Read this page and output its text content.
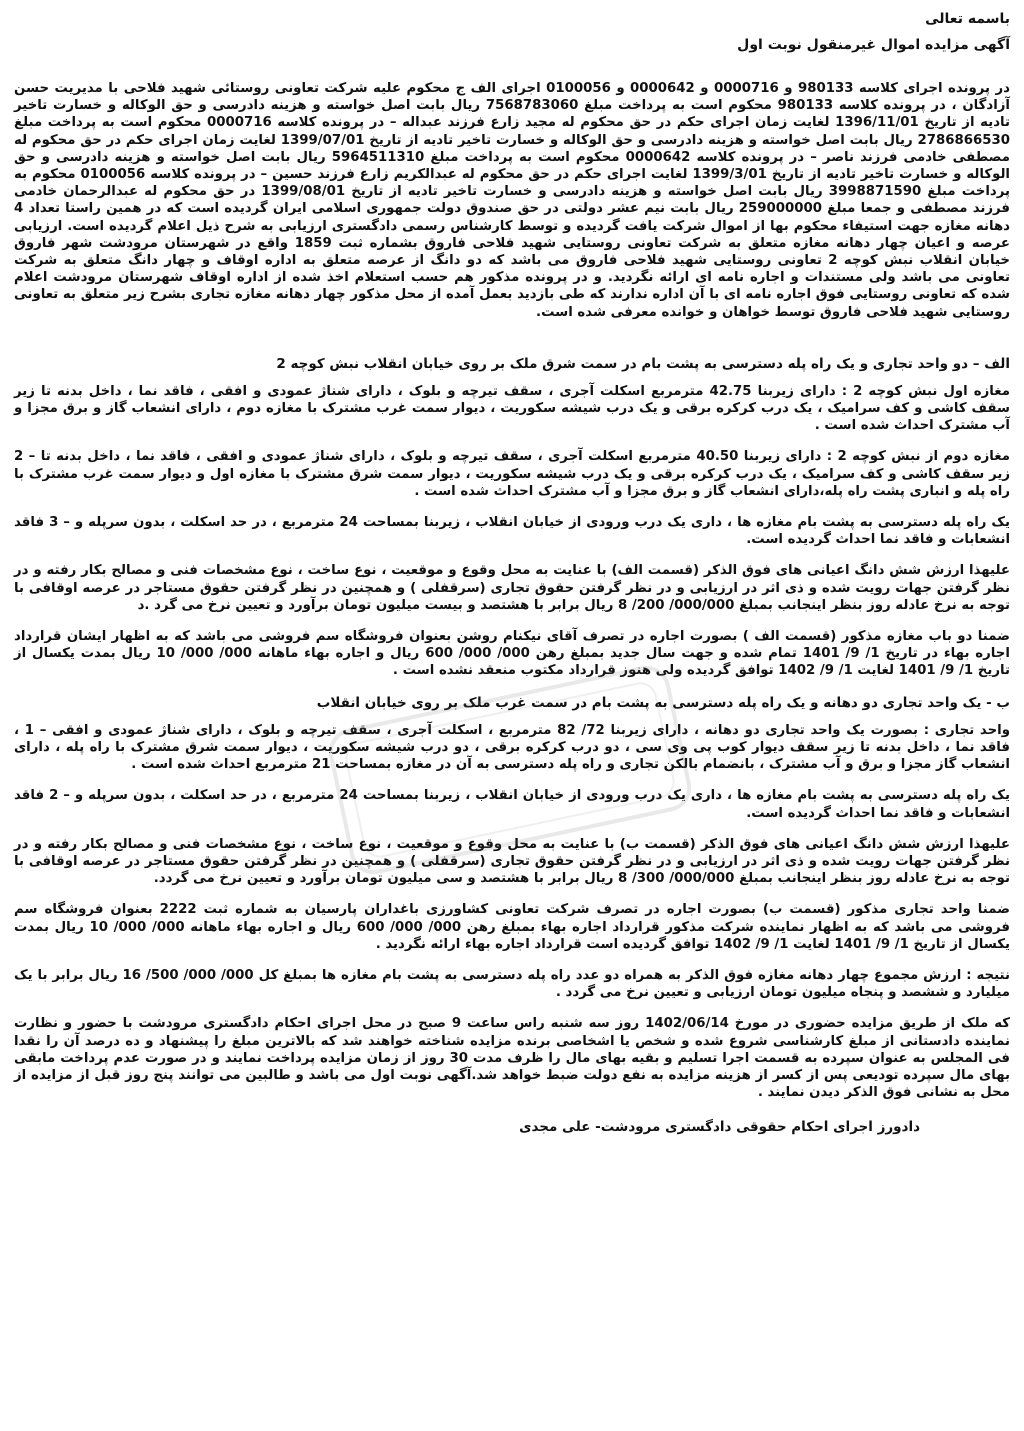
باسمه تعالی
آگهی مزایده اموال غیرمنقول نوبت اول

در پرونده اجرای کلاسه 980133 و 0000716 و 0000642 و 0100056 اجرای الف ج محکوم علیه شرکت تعاونی روستائی شهید فلاحی با مدیریت حسن آزادگان ، در پرونده کلاسه 980133 محکوم است به پرداخت مبلغ 7568783060 ریال بابت اصل خواسته و هزینه دادرسی و حق الوکاله و خسارت تاخیر تادیه از تاریخ 1396/11/01 لغایت زمان اجرای حکم در حق محکوم له مجید زارع فرزند عبداله – در پرونده کلاسه 0000716 محکوم است به پرداخت مبلغ 2786866530 ریال بابت اصل خواسته و هزینه دادرسی و حق الوکاله و خسارت تاخیر تادیه از تاریخ 1399/07/01 لغایت زمان اجرای حکم در حق محکوم له مصطفی خادمی فرزند ناصر – در پرونده کلاسه 0000642 محکوم است به پرداخت مبلغ 5964511310 ریال بابت اصل خواسته و هزینه دادرسی و حق الوکاله و خسارت تاخیر تادیه از تاریخ 1399/3/01 لغایت اجرای حکم در حق محکوم له عبدالکریم زارع فرزند حسین – در پرونده کلاسه 0100056 محکوم به پرداخت مبلغ 3998871590 ریال بابت اصل خواسته و هزینه دادرسی و خسارت تاخیر تادیه از تاریخ 1399/08/01 در حق محکوم له عبدالرحمان خادمی فرزند مصطفی و جمعا مبلغ 259000000 ریال بابت نیم عشر دولتی در حق صندوق دولت جمهوری اسلامی ایران گردیده است که در همین راستا تعداد 4 دهانه مغازه جهت استیفاء محکوم بها از اموال شرکت یافت گردیده و توسط کارشناس رسمی دادگستری ارزیابی به شرح ذیل اعلام گردیده است. ارزیابی عرصه و اعیان چهار دهانه مغازه متعلق به شرکت تعاونی روستایی شهید فلاحی فاروق بشماره ثبت 1859 واقع در شهرستان مرودشت شهر فاروق خیابان انقلاب نبش کوچه 2 تعاونی روستایی شهید فلاحی فاروق می باشد که دو دانگ از عرصه متعلق به اداره اوقاف و چهار دانگ متعلق به شرکت تعاونی می باشد ولی مستندات و اجاره نامه ای ارائه نگردید. و در پرونده مذکور هم حسب استعلام اخذ شده از اداره اوقاف شهرستان مرودشت اعلام شده که تعاونی روستایی فوق اجاره نامه ای با آن اداره ندارند که طی بازدید بعمل آمده از محل مذکور چهار دهانه مغازه تجاری بشرح زیر متعلق به تعاونی روستایی شهید فلاحی فاروق توسط خواهان و خوانده معرفی شده است.

الف – دو واحد تجاری و یک راه پله دسترسی به پشت بام در سمت شرق ملک بر روی خیابان انقلاب نبش کوچه 2

مغازه اول نبش کوچه 2 : دارای زیربنا 42.75 مترمربع اسکلت آجری ، سقف تیرچه و بلوک ، دارای شناژ عمودی و افقی ، فاقد نما ، داخل بدنه تا زیر سقف کاشی و کف سرامیک ، یک درب کرکره برقی و یک درب شیشه سکوریت ، دیوار سمت غرب مشترک با مغازه دوم ، دارای انشعاب گاز و برق مجزا و آب مشترک احداث شده است .

مغازه دوم از نبش کوچه 2 : دارای زیربنا 40.50 مترمربع اسکلت آجری ، سقف تیرچه و بلوک ، دارای شناژ عمودی و افقی ، فاقد نما ، داخل بدنه تا – 2 زیر سقف کاشی و کف سرامیک ، یک درب کرکره برقی و یک درب شیشه سکوریت ، دیوار سمت شرق مشترک با مغازه اول و دیوار سمت غرب مشترک با راه پله و انباری پشت راه پله،دارای انشعاب گاز و برق مجزا و آب مشترک احداث شده است .

یک راه پله دسترسی به پشت بام مغازه ها ، داری یک درب ورودی از خیابان انقلاب ، زیربنا بمساحت 24 مترمربع ، در حد اسکلت ، بدون سرپله و – 3 فاقد انشعابات و فاقد نما احداث گردیده است.

علیهذا ارزش شش دانگ اعیانی های فوق الذکر (قسمت الف) با عنایت به محل وقوع و موقعیت ، نوع ساخت ، نوع مشخصات فنی و مصالح بکار رفته و در نظر گرفتن جهات رویت شده و ذی اثر در ارزیابی و در نظر گرفتن حقوق تجاری (سرقفلی ) و همچنین در نظر گرفتن حقوق مستاجر در عرصه اوقافی با توجه به نرخ عادله روز بنظر اینجانب بمبلغ 000/000/ 200/ 8 ریال برابر با هشتصد و بیست میلیون تومان برآورد و تعیین نرخ می گرد .د

ضمنا دو باب مغازه مذکور (قسمت الف ) بصورت اجاره در تصرف آقای نیکنام روشن بعنوان فروشگاه سم فروشی می باشد که به اظهار ایشان قرارداد اجاره بهاء در تاریخ 1/ 9/ 1401 تمام شده و جهت سال جدید بمبلغ رهن 000/ 000/ 600 ریال و اجاره بهاء ماهانه 000/ 000/ 10 ریال بمدت یکسال از تاریخ 1/ 9/ 1401 لغایت 1/ 9/ 1402 توافق گردیده ولی هنوز قرارداد مکتوب منعقد نشده است .

ب - یک واحد تجاری دو دهانه و یک راه پله دسترسی به پشت بام در سمت غرب ملک بر روی خیابان انقلاب

واحد تجاری : بصورت یک واحد تجاری دو دهانه ، دارای زیربنا 72/ 82 مترمربع ، اسکلت آجری ، سقف تیرچه و بلوک ، دارای شناژ عمودی و افقی – 1 ، فاقد نما ، داخل بدنه تا زیر سقف دیوار کوب پی وی سی ، دو درب کرکره برقی ، دو درب شیشه سکوریت ، دیوار سمت شرق مشترک با راه پله ، دارای انشعاب گاز مجزا و برق و آب مشترک ، بانضمام بالکن تجاری و راه پله دسترسی به آن در مغازه بمساحت 21 مترمربع احداث شده است .

یک راه پله دسترسی به پشت بام مغازه ها ، داری یک درب ورودی از خیابان انقلاب ، زیربنا بمساحت 24 مترمربع ، در حد اسکلت ، بدون سرپله و – 2 فاقد انشعابات و فاقد نما احداث گردیده است.

علیهذا ارزش شش دانگ اعیانی های فوق الذکر (قسمت ب) با عنایت به محل وقوع و موقعیت ، نوع ساخت ، نوع مشخصات فنی و مصالح بکار رفته و در نظر گرفتن جهات رویت شده و ذی اثر در ارزیابی و در نظر گرفتن حقوق تجاری (سرقفلی ) و همچنین در نظر گرفتن حقوق مستاجر در عرصه اوقافی با توجه به نرخ عادله روز بنظر اینجانب بمبلغ 000/000/ 300/ 8 ریال برابر با هشتصد و سی میلیون تومان برآورد و تعیین نرخ می گردد.

ضمنا واحد تجاری مذکور (قسمت ب) بصورت اجاره در تصرف شرکت تعاونی کشاورزی باغداران پارسیان به شماره ثبت 2222 بعنوان فروشگاه سم فروشی می باشد که به اظهار نماینده شرکت مذکور قرارداد اجاره بهاء بمبلغ رهن 000/ 000/ 600 ریال و اجاره بهاء ماهانه 000/ 000/ 10 ریال بمدت یکسال از تاریخ 1/ 9/ 1401 لغایت 1/ 9/ 1402 توافق گردیده است قرارداد اجاره بهاء ارائه نگردید .

نتیجه : ارزش مجموع چهار دهانه مغازه فوق الذکر به همراه دو عدد راه پله دسترسی به پشت بام مغازه ها بمبلغ کل 000/ 000/ 500/ 16 ریال برابر با یک میلیارد و ششصد و پنجاه میلیون تومان ارزیابی و تعیین نرخ می گردد .

که ملک از طریق مزایده حضوری در مورخ 1402/06/14 روز سه شنبه راس ساعت 9 صبح در محل اجرای احکام دادگستری مرودشت با حضور و نظارت نماینده دادستانی از مبلغ کارشناسی شروع شده و شخص یا اشخاصی برنده مزایده شناخته خواهند شد که بالاترین مبلغ را پیشنهاد و ده درصد آن را نقدا فی المجلس به عنوان سپرده به قسمت اجرا تسلیم و بقیه بهای مال را ظرف مدت 30 روز از زمان مزایده پرداخت نمایند و در صورت عدم پرداخت مابقی بهای مال سپرده تودیعی پس از کسر از هزینه مزایده به نفع دولت ضبط خواهد شد.آگهی نوبت اول می باشد و طالبین می توانند پنج روز قبل از مزایده از محل به نشانی فوق الذکر دیدن نمایند .

دادورز اجرای احکام حقوقی دادگستری مرودشت- علی مجدی
